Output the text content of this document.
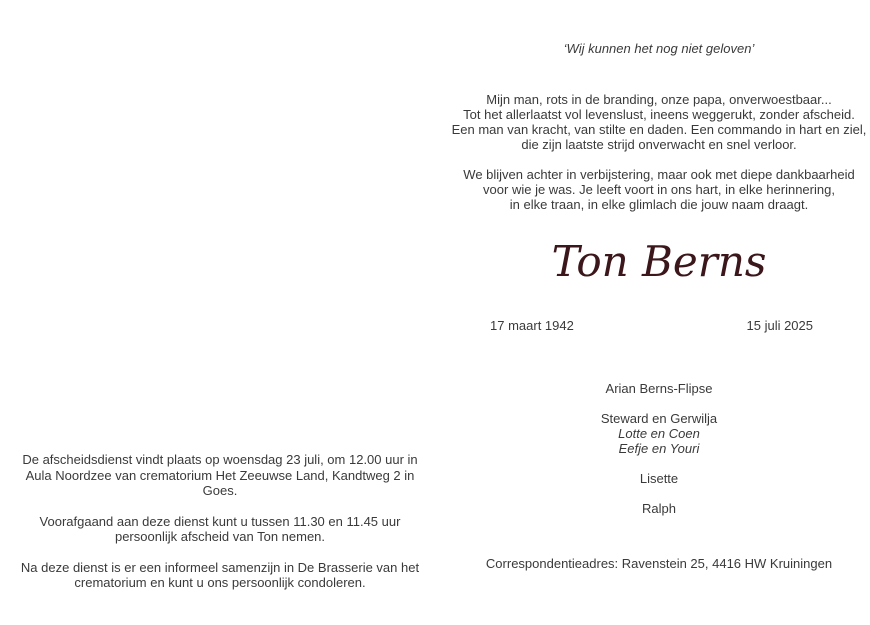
De afscheidsdienst vindt plaats op woensdag 23 juli, om 12.00 uur in
Aula Noordzee van crematorium Het Zeeuwse Land, Kandtweg 2 in Goes.

Voorafgaand aan deze dienst kunt u tussen 11.30 en 11.45 uur
persoonlijk afscheid van Ton nemen.

Na deze dienst is er een informeel samenzijn in De Brasserie van het
crematorium en kunt u ons persoonlijk condoleren.

‘Wij kunnen het nog niet geloven’

Mijn man, rots in de branding, onze papa, onverwoestbaar...
Tot het allerlaatst vol levenslust, ineens weggerukt, zonder afscheid.
Een man van kracht, van stilte en daden. Een commando in hart en ziel,
die zijn laatste strijd onverwacht en snel verloor.

We blijven achter in verbijstering, maar ook met diepe dankbaarheid
voor wie je was. Je leeft voort in ons hart, in elke herinnering,
in elke traan, in elke glimlach die jouw naam draagt.

Ton Berns
17 maart 1942	15 juli 2025
Arian Berns-Flipse
Steward en Gerwilja
Lotte en Coen
Eefje en Youri
Lisette
Ralph
Correspondentieadres: Ravenstein 25, 4416 HW Kruiningen
